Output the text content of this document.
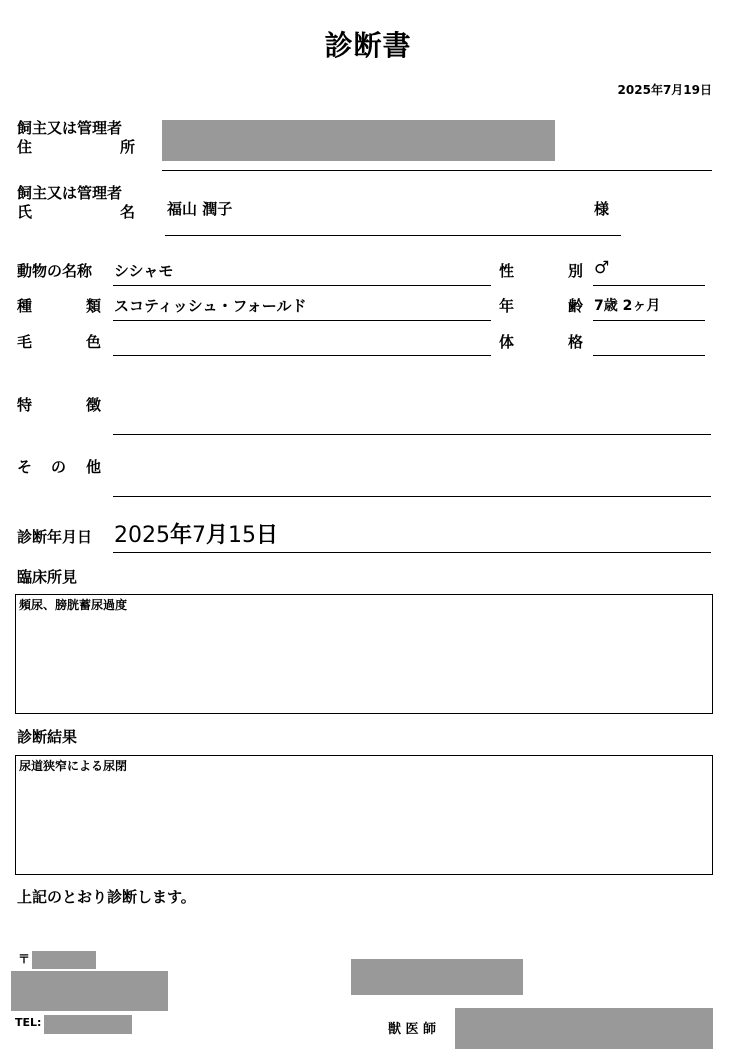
診断書
2025年7月19日
飼主又は管理者
住	所
飼主又は管理者
氏	名 福山 潤子	様
動物の名称 シシャモ	性	別 ♂
種	類 スコティッシュ・フォールド	年	齢 7歳 2ヶ月
毛	色	体	格
特	徴
そ の 他
診断年月日 2025年7月15日
臨床所見
頻尿、膀胱蓄尿過度
診断結果
尿道狭窄による尿閉
上記のとおり診断します。
〒
TEL:	獣 医 師
